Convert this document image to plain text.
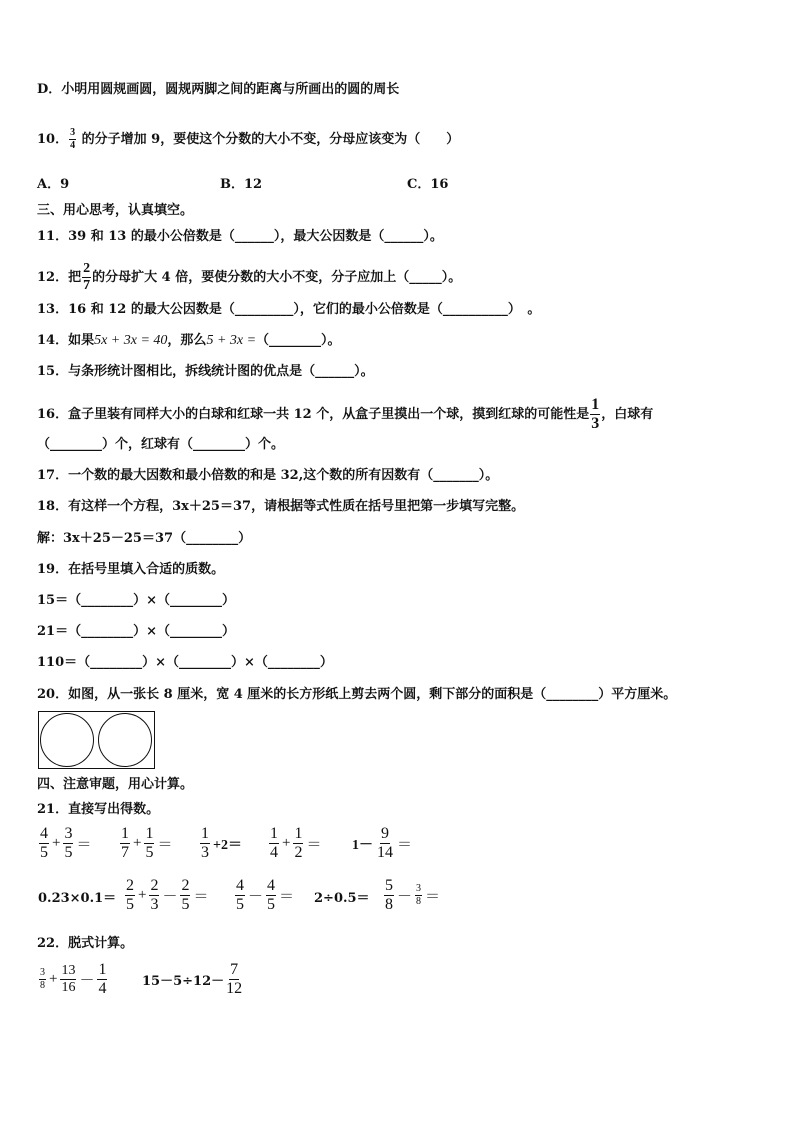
D．小明用圆规画圆，圆规两脚之间的距离与所画出的圆的周长
10． $\frac{3}{4}$ 的分子增加 9，要使这个分数的大小不变，分母应该变为（　　）
A．9	B．12	C．16
三、用心思考，认真填空。
11．39 和 13 的最小公倍数是（______），最大公因数是（______）。
12．把 $\frac{2}{7}$ 的分母扩大 4 倍，要使分数的大小不变，分子应加上（_____）。
13．16 和 12 的最大公因数是（_________），它们的最小公倍数是（__________）　。
14．如果5x + 3x = 40，那么5 + 3x =（________）。
15．与条形统计图相比，拆线统计图的优点是（______）。
16．盒子里装有同样大小的白球和红球一共 12 个，从盒子里摸出一个球，摸到红球的可能性是 $\frac{1}{3}$ ，白球有
（________）个，红球有（________）个。
17．一个数的最大因数和最小倍数的和是 32,这个数的所有因数有（_______）。
18．有这样一个方程，3x＋25＝37，请根据等式性质在括号里把第一步填写完整。
解：3x＋25－25＝37（________）
19．在括号里填入合适的质数。
15＝（________）×（________）
21＝（________）×（________）
110＝（________）×（________）×（________）
20．如图，从一张长 8 厘米，宽 4 厘米的长方形纸上剪去两个圆，剩下部分的面积是（________）平方厘米。
四、注意审题，用心计算。
21．直接写出得数。
$\frac{4}{5} + \frac{3}{5} = \frac{1}{7} + \frac{1}{5} = \frac{1}{3} +2= \frac{1}{4} + \frac{1}{2} = 1- \frac{9}{14}$ ＝
$0.23\times 0.1= \frac{2}{5} + \frac{2}{3} - \frac{2}{5} = \frac{4}{5} - \frac{4}{5} = 2\div 0.5= \frac{5}{8} - \frac{3}{8}$ ＝
22．脱式计算。
$\frac{3}{8} + \frac{13}{16} - \frac{1}{4}$	$15-5\div 12- \frac{7}{12}$
